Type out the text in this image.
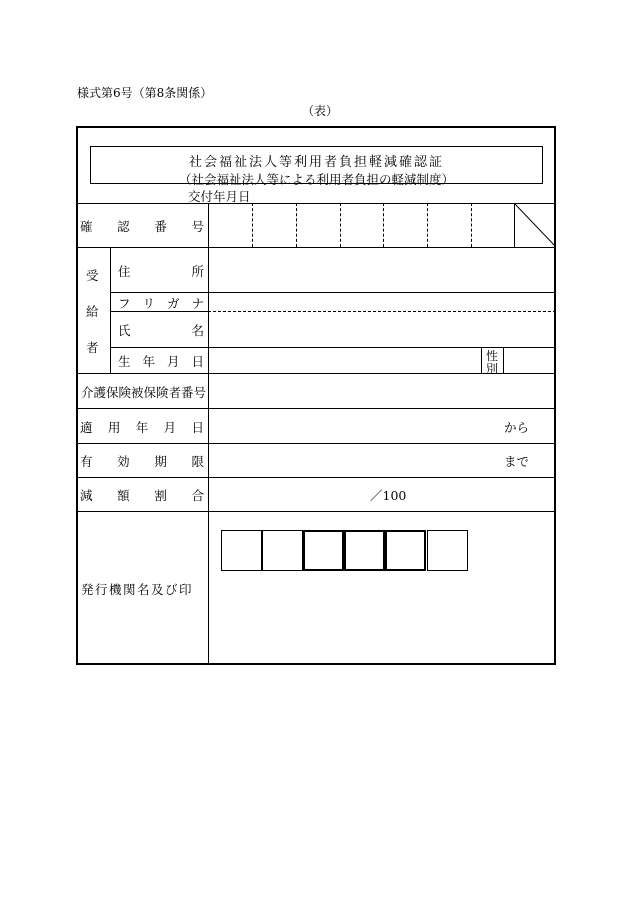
様式第6号（第8条関係）
（表）
社会福祉法人等利用者負担軽減確認証
（社会福祉法人等による利用者負担の軽減制度）
交付年月日
確 認 番 号
受
給
者
住	所
フ リ ガ ナ
氏	名
生 年 月 日	性
別
介護保険被保険者番号
適 用 年 月 日	から
有 効 期 限	まで
減 額 割 合	／100
発行機関名及び印
